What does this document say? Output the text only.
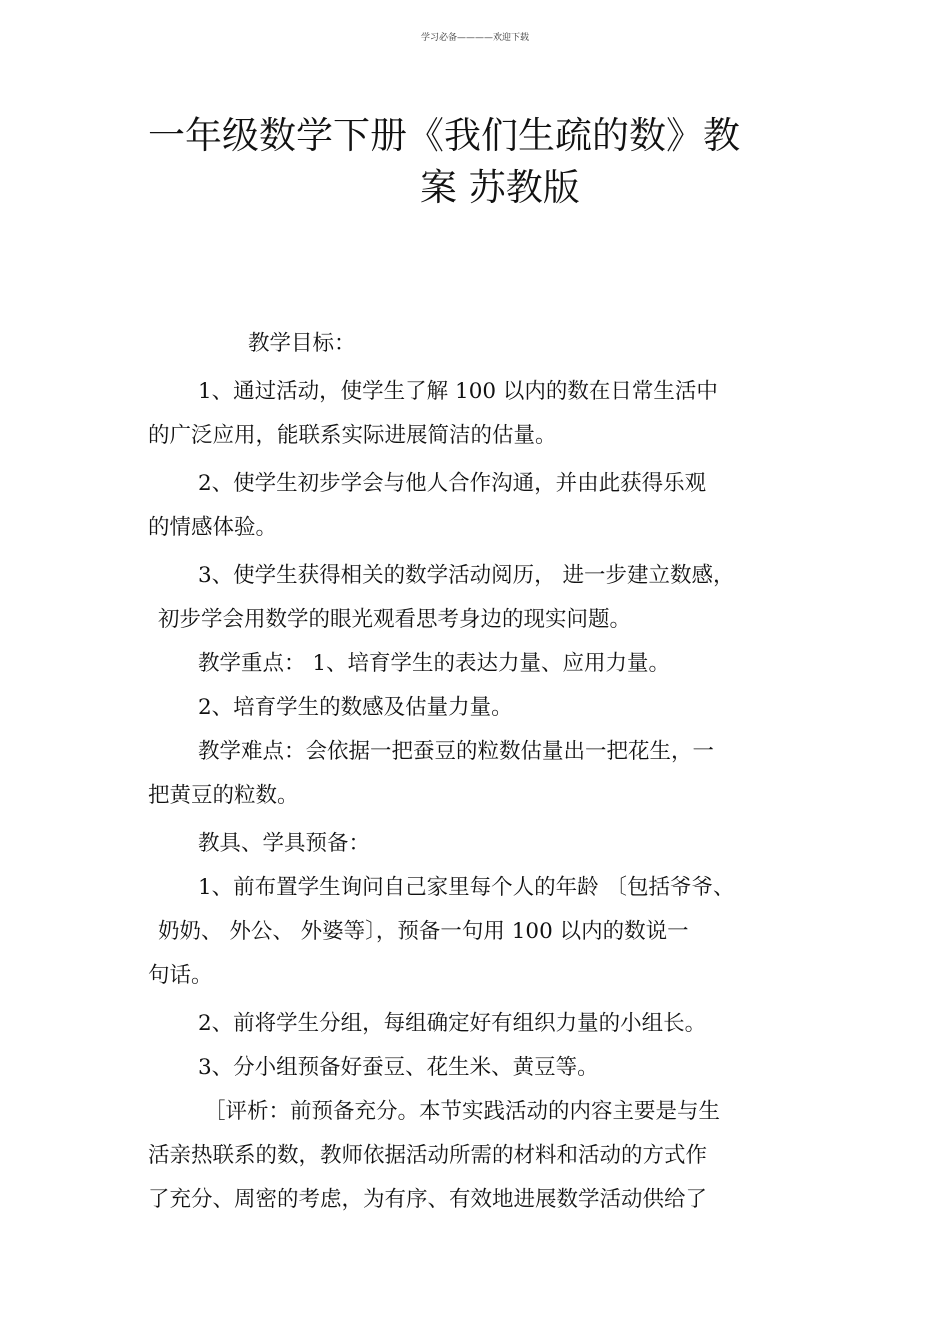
学习必备————欢迎下载
一年级数学下册《我们生疏的数》教
案 苏教版

教学目标：

1、通过活动，使学生了解 100 以内的数在日常生活中

的广泛应用，能联系实际进展简洁的估量。

2、使学生初步学会与他人合作沟通，并由此获得乐观

的情感体验。

3、使学生获得相关的数学活动阅历， 进一步建立数感，

初步学会用数学的眼光观看思考身边的现实问题。

教学重点： 1、培育学生的表达力量、应用力量。

2、培育学生的数感及估量力量。

教学难点：会依据一把蚕豆的粒数估量出一把花生，一

把黄豆的粒数。

教具、学具预备：

1、前布置学生询问自己家里每个人的年龄 〔包括爷爷、

奶奶、 外公、 外婆等〕，预备一句用 100 以内的数说一

句话。

2、前将学生分组，每组确定好有组织力量的小组长。

3、分小组预备好蚕豆、花生米、黄豆等。

［评析：前预备充分。本节实践活动的内容主要是与生

活亲热联系的数，教师依据活动所需的材料和活动的方式作

了充分、周密的考虑，为有序、有效地进展数学活动供给了
